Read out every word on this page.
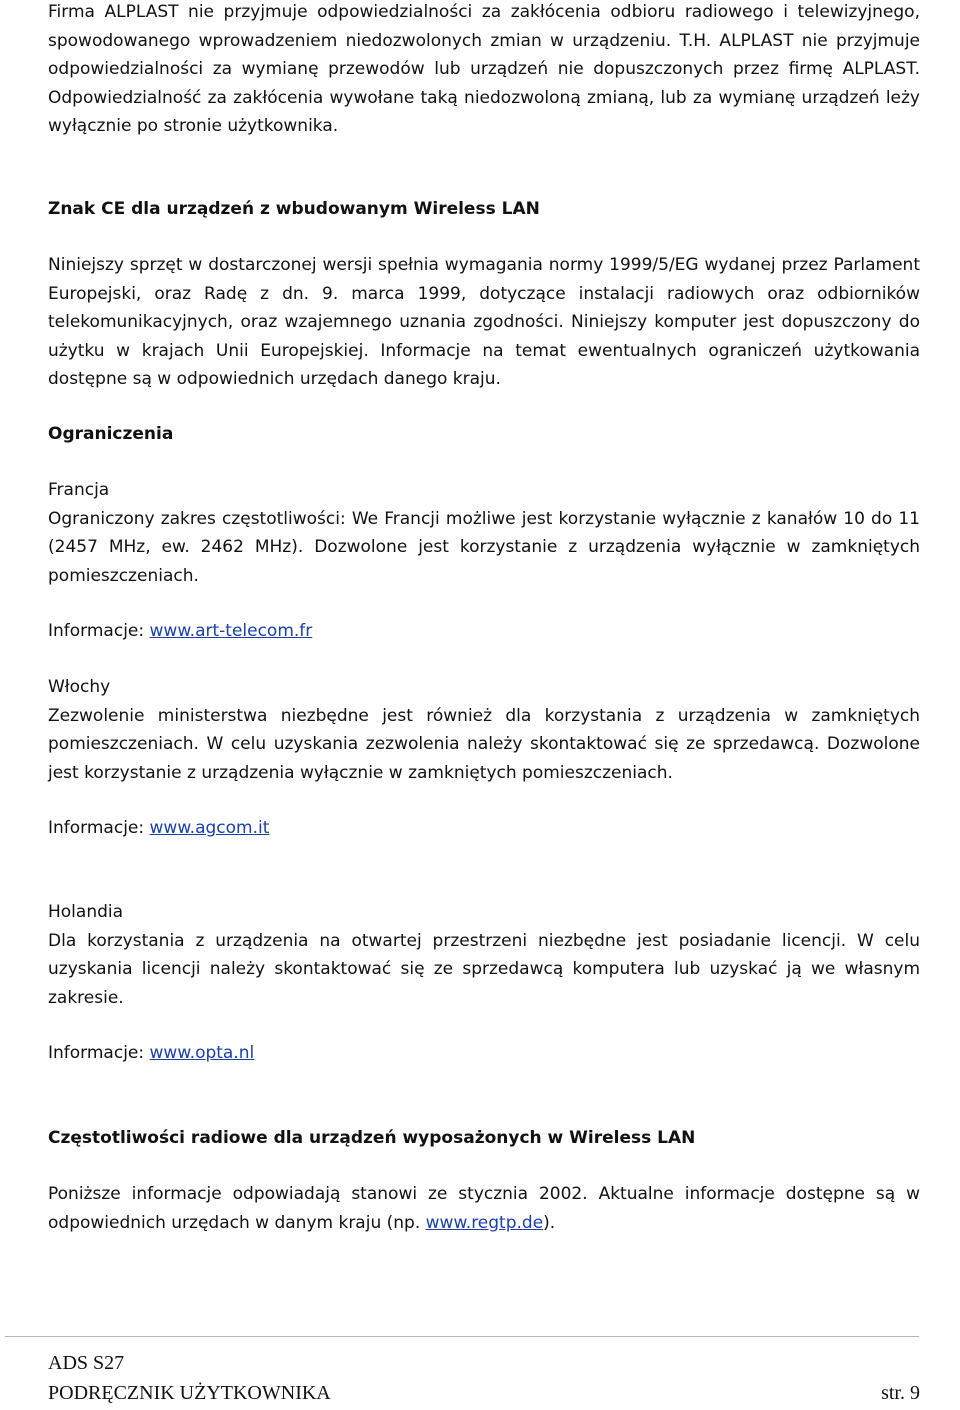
Firma ALPLAST nie przyjmuje odpowiedzialności za zakłócenia odbioru radiowego i telewizyjnego, spowodowanego wprowadzeniem niedozwolonych zmian w urządzeniu. T.H. ALPLAST nie przyjmuje odpowiedzialności za wymianę przewodów lub urządzeń nie dopuszczonych przez firmę ALPLAST. Odpowiedzialność za zakłócenia wywołane taką niedozwoloną zmianą, lub za wymianę urządzeń leży wyłącznie po stronie użytkownika.

Znak CE dla urządzeń z wbudowanym Wireless LAN

Niniejszy sprzęt w dostarczonej wersji spełnia wymagania normy 1999/5/EG wydanej przez Parlament Europejski, oraz Radę z dn. 9. marca 1999, dotyczące instalacji radiowych oraz odbiorników telekomunikacyjnych, oraz wzajemnego uznania zgodności. Niniejszy komputer jest dopuszczony do użytku w krajach Unii Europejskiej. Informacje na temat ewentualnych ograniczeń użytkowania dostępne są w odpowiednich urzędach danego kraju.

Ograniczenia

Francja

Ograniczony zakres częstotliwości: We Francji możliwe jest korzystanie wyłącznie z kanałów 10 do 11 (2457 MHz, ew. 2462 MHz). Dozwolone jest korzystanie z urządzenia wyłącznie w zamkniętych pomieszczeniach.

Informacje: www.art-telecom.fr

Włochy

Zezwolenie ministerstwa niezbędne jest również dla korzystania z urządzenia w zamkniętych pomieszczeniach. W celu uzyskania zezwolenia należy skontaktować się ze sprzedawcą. Dozwolone jest korzystanie z urządzenia wyłącznie w zamkniętych pomieszczeniach.

Informacje: www.agcom.it

Holandia

Dla korzystania z urządzenia na otwartej przestrzeni niezbędne jest posiadanie licencji. W celu uzyskania licencji należy skontaktować się ze sprzedawcą komputera lub uzyskać ją we własnym zakresie.

Informacje: www.opta.nl

Częstotliwości radiowe dla urządzeń wyposażonych w Wireless LAN

Poniższe informacje odpowiadają stanowi ze stycznia 2002. Aktualne informacje dostępne są w odpowiednich urzędach w danym kraju (np. www.regtp.de).

ADS S27
PODRĘCZNIK UŻYTKOWNIKA	str. 9
